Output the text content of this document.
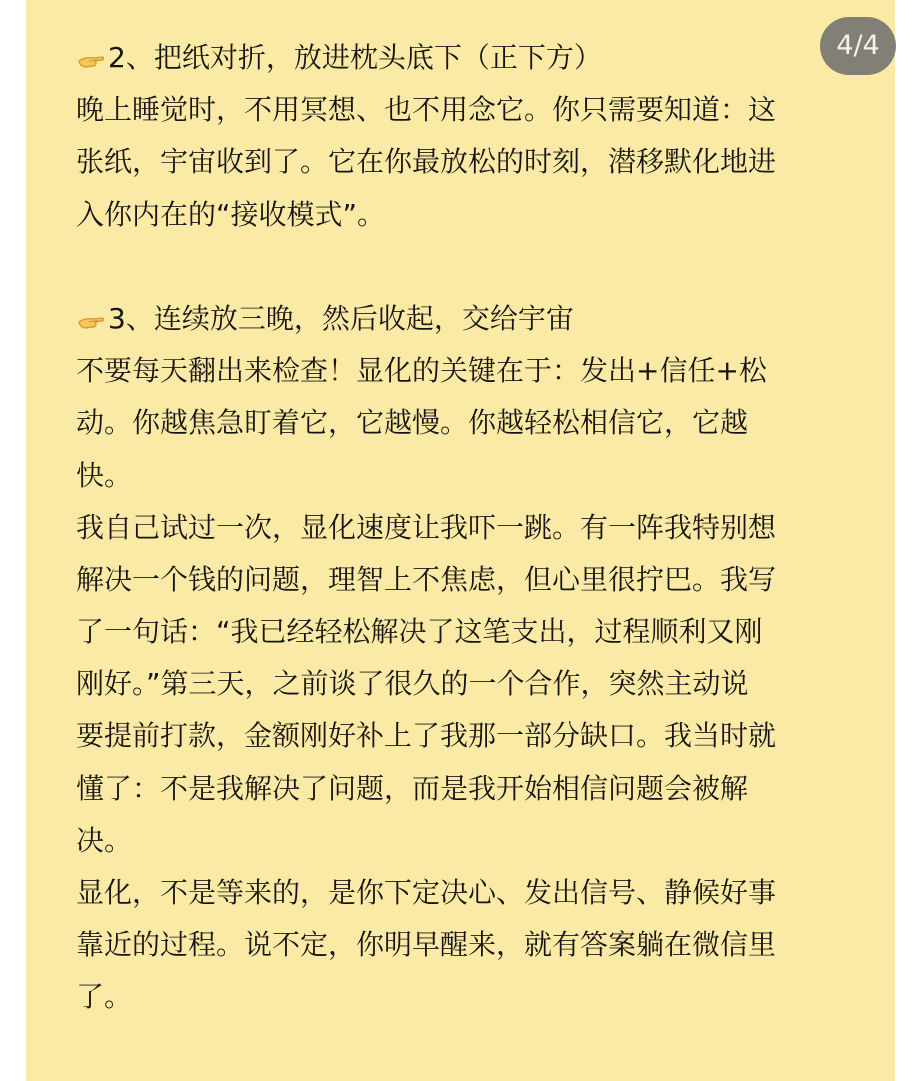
2、把纸对折，放进枕头底下（正下方）
晚上睡觉时，不用冥想、也不用念它。你只需要知道：这
张纸，宇宙收到了。它在你最放松的时刻，潜移默化地进
入你内在的“接收模式”。
3、连续放三晚，然后收起，交给宇宙
不要每天翻出来检查！显化的关键在于：发出+信任+松
动。你越焦急盯着它，它越慢。你越轻松相信它，它越
快。
我自己试过一次，显化速度让我吓一跳。有一阵我特别想
解决一个钱的问题，理智上不焦虑，但心里很拧巴。我写
了一句话：“我已经轻松解决了这笔支出，过程顺利又刚
刚好。”第三天，之前谈了很久的一个合作，突然主动说
要提前打款，金额刚好补上了我那一部分缺口。我当时就
懂了：不是我解决了问题，而是我开始相信问题会被解
决。
显化，不是等来的，是你下定决心、发出信号、静候好事
靠近的过程。说不定，你明早醒来，就有答案躺在微信里
了。
4/4
